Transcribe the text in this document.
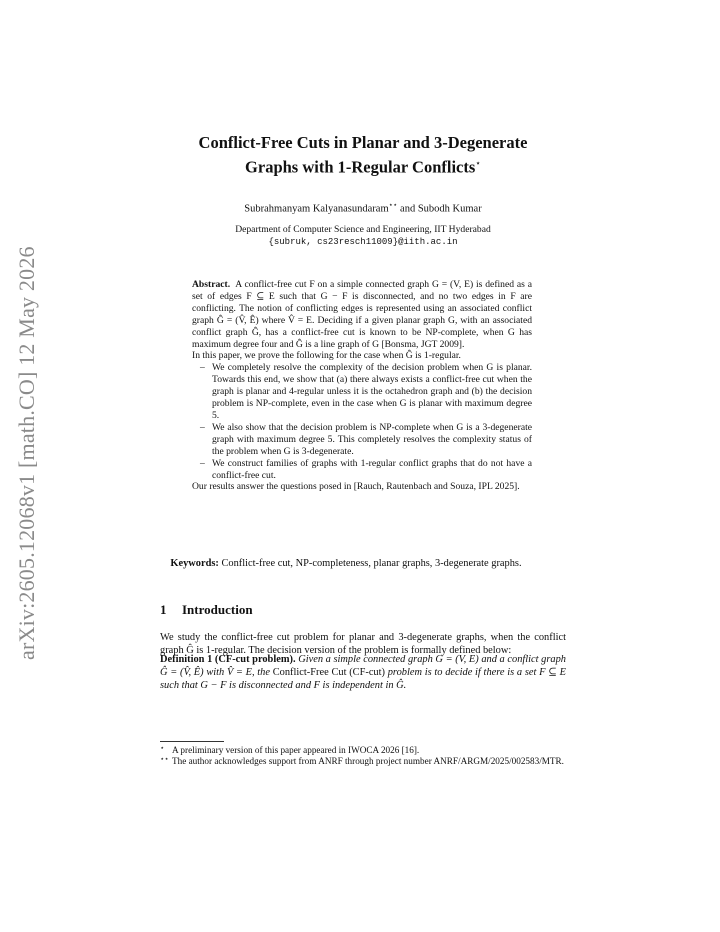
arXiv:2605.12068v1 [math.CO] 12 May 2026
Conflict-Free Cuts in Planar and 3-Degenerate
Graphs with 1-Regular Conflicts⋆
Subrahmanyam Kalyanasundaram⋆⋆ and Subodh Kumar
Department of Computer Science and Engineering, IIT Hyderabad
{subruk, cs23resch11009}@iith.ac.in

Abstract. A conflict-free cut F on a simple connected graph G = (V, E) is defined as a set of edges F ⊆ E such that G − F is disconnected, and no two edges in F are conflicting. The notion of conflicting edges is represented using an associated conflict graph Ĝ = (V̂, Ê) where V̂ = E. Deciding if a given planar graph G, with an associated conflict graph Ĝ, has a conflict-free cut is known to be NP-complete, when G has maximum degree four and Ĝ is a line graph of G [Bonsma, JGT 2009].

In this paper, we prove the following for the case when Ĝ is 1-regular.

– We completely resolve the complexity of the decision problem when G is planar. Towards this end, we show that (a) there always exists a conflict-free cut when the graph is planar and 4-regular unless it is the octahedron graph and (b) the decision problem is NP-complete, even in the case when G is planar with maximum degree 5.
– We also show that the decision problem is NP-complete when G is a 3-degenerate graph with maximum degree 5. This completely resolves the complexity status of the problem when G is 3-degenerate.
– We construct families of graphs with 1-regular conflict graphs that do not have a conflict-free cut.

Our results answer the questions posed in [Rauch, Rautenbach and Souza, IPL 2025].

Keywords: Conflict-free cut, NP-completeness, planar graphs, 3-degenerate graphs.
1 Introduction

We study the conflict-free cut problem for planar and 3-degenerate graphs, when the conflict graph Ĝ is 1-regular. The decision version of the problem is formally defined below:

Definition 1 (CF-cut problem). Given a simple connected graph G = (V, E) and a conflict graph Ĝ = (V̂, Ê) with V̂ = E, the Conflict-Free Cut (CF-cut) problem is to decide if there is a set F ⊆ E such that G − F is disconnected and F is independent in Ĝ.
⋆ A preliminary version of this paper appeared in IWOCA 2026 [16].
⋆⋆ The author acknowledges support from ANRF through project number ANRF/ARGM/2025/002583/MTR.
